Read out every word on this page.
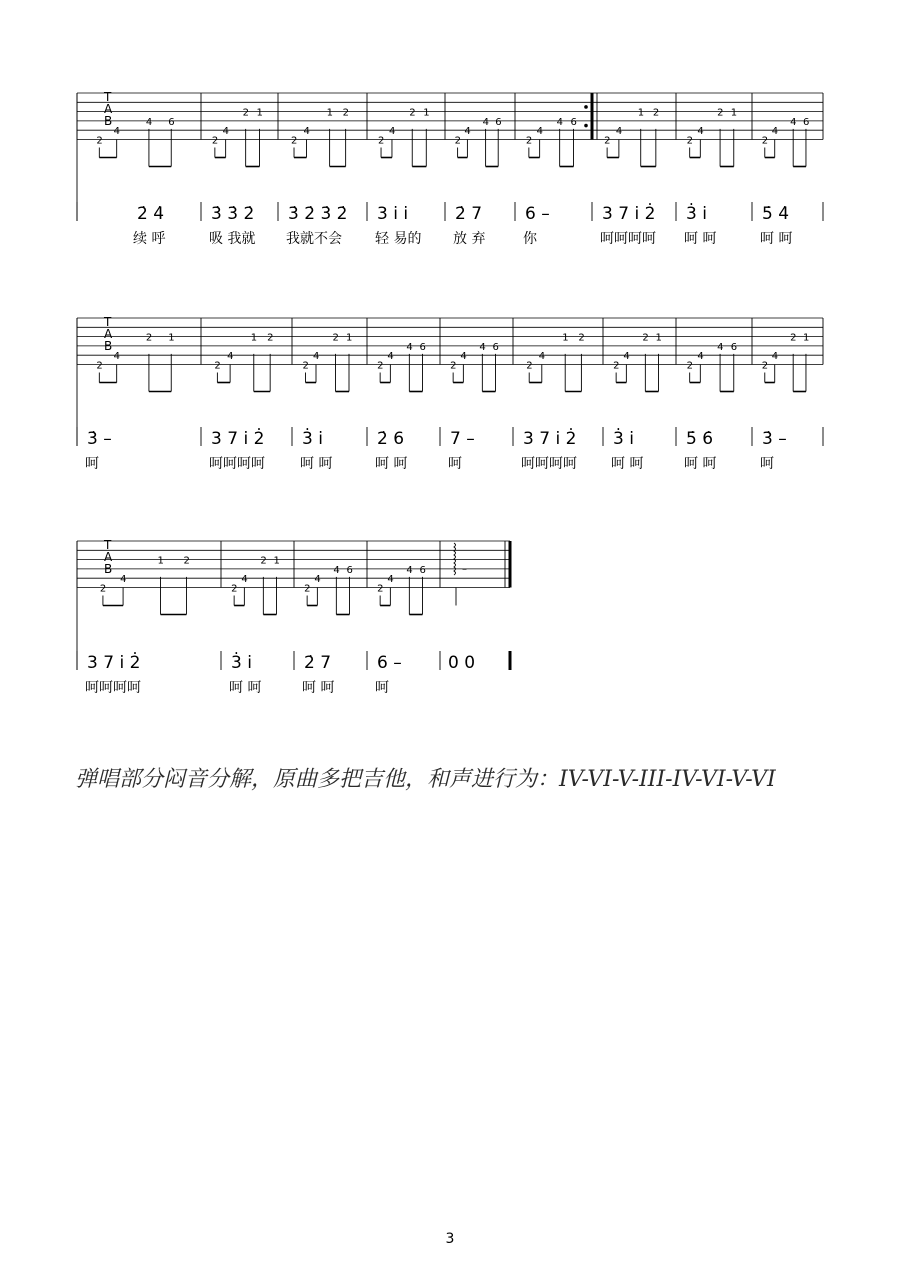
T
A
B
2
4
4 6
2̇ 4̇
续 呼
2
4
2 1
3̇ 3̇ 2̇
吸 我就
2
4
1 2
3̇ 2̇ 3̇ 2̇
我就不会
2
4
2 1
3 i i
轻 易的
2
4
4 6
2̇ 7
放 弃
2
4
4 6
6 –
你
2
4
1 2
3 7 i 2̇
呵呵呵呵
2
4
2 1
3̇ i
呵 呵
2
4
4 6
5̇ 4̇
呵 呵
T
A
B
2
4
2 1
3̇ –
呵
2
4
1 2
3 7 i 2̇
呵呵呵呵
2
4
2 1
3̇ i
呵 呵
2
4
4 6
2̇ 6
呵 呵
2
4
4 6
7 –
呵
2
4
1 2
3 7 i 2̇
呵呵呵呵
2
4
2 1
3̇ i
呵 呵
2
4
4 6
5̇ 6̇
呵 呵
2
4
2 1
3̇ –
呵
T
A
B
2
4
1 2
3 7 i 2̇
呵呵呵呵
2
4
2 1
3̇ i
呵 呵
2
4
4 6
2̇ 7
呵 呵
2
4
4 6
6 –
呵
–
0 0
弹唱部分闷音分解，原曲多把吉他，和声进行为：IV-VI-V-III-IV-VI-V-VI
3
